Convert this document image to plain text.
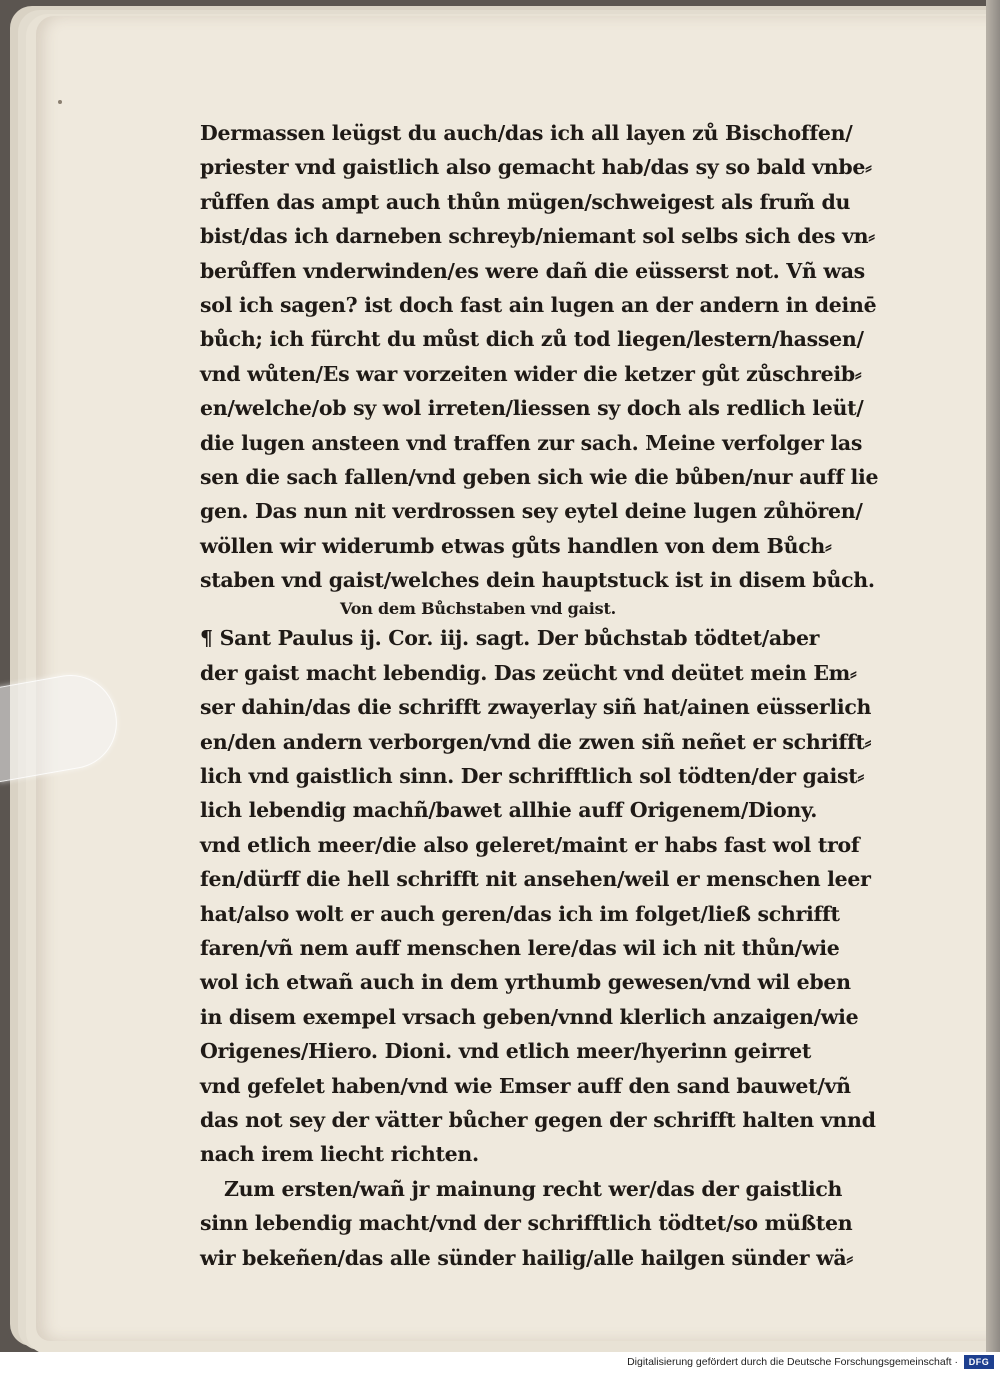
Dermassen leügst du auch/das ich all layen zů Bischoffen/
priester vnd gaistlich also gemacht hab/das sy so bald vnbe⸗
růffen das ampt auch thůn mügen/schweigest als frum̃ du
bist/das ich darneben schreyb/niemant sol selbs sich des vn⸗
berůffen vnderwinden/es were dañ die eüsserst not. Vñ was
sol ich sagen? ist doch fast ain lugen an der andern in deinē
bůch; ich fürcht du můst dich zů tod liegen/lestern/hassen/
vnd wůten/Es war vorzeiten wider die ketzer gůt zůschreib⸗
en/welche/ob sy wol irreten/liessen sy doch als redlich leüt/
die lugen ansteen vnd traffen zur sach. Meine verfolger las
sen die sach fallen/vnd geben sich wie die bůben/nur auff lie
gen. Das nun nit verdrossen sey eytel deine lugen zůhören/
wöllen wir widerumb etwas gůts handlen von dem Bůch⸗
staben vnd gaist/welches dein hauptstuck ist in disem bůch.
Von dem Bůchstaben vnd gaist.
¶ Sant Paulus ij. Cor. iij. sagt. Der bůchstab tödtet/aber
der gaist macht lebendig. Das zeücht vnd deütet mein Em⸗
ser dahin/das die schrifft zwayerlay siñ hat/ainen eüsserlich
en/den andern verborgen/vnd die zwen siñ neñet er schrifft⸗
lich vnd gaistlich sinn. Der schrifftlich sol tödten/der gaist⸗
lich lebendig machñ/bawet allhie auff Origenem/Diony.
vnd etlich meer/die also geleret/maint er habs fast wol trof
fen/dürff die hell schrifft nit ansehen/weil er menschen leer
hat/also wolt er auch geren/das ich im folget/ließ schrifft
faren/vñ nem auff menschen lere/das wil ich nit thůn/wie
wol ich etwañ auch in dem yrthumb gewesen/vnd wil eben
in disem exempel vrsach geben/vnnd klerlich anzaigen/wie
Origenes/Hiero. Dioni. vnd etlich meer/hyerinn geirret
vnd gefelet haben/vnd wie Emser auff den sand bauwet/vñ
das not sey der vätter bůcher gegen der schrifft halten vnnd
nach irem liecht richten.
Zum ersten/wañ jr mainung recht wer/das der gaistlich
sinn lebendig macht/vnd der schrifftlich tödtet/so müßten
wir bekeñen/das alle sünder hailig/alle hailgen sünder wä⸗
Digitalisierung gefördert durch die Deutsche Forschungsgemeinschaft ·	DFG
